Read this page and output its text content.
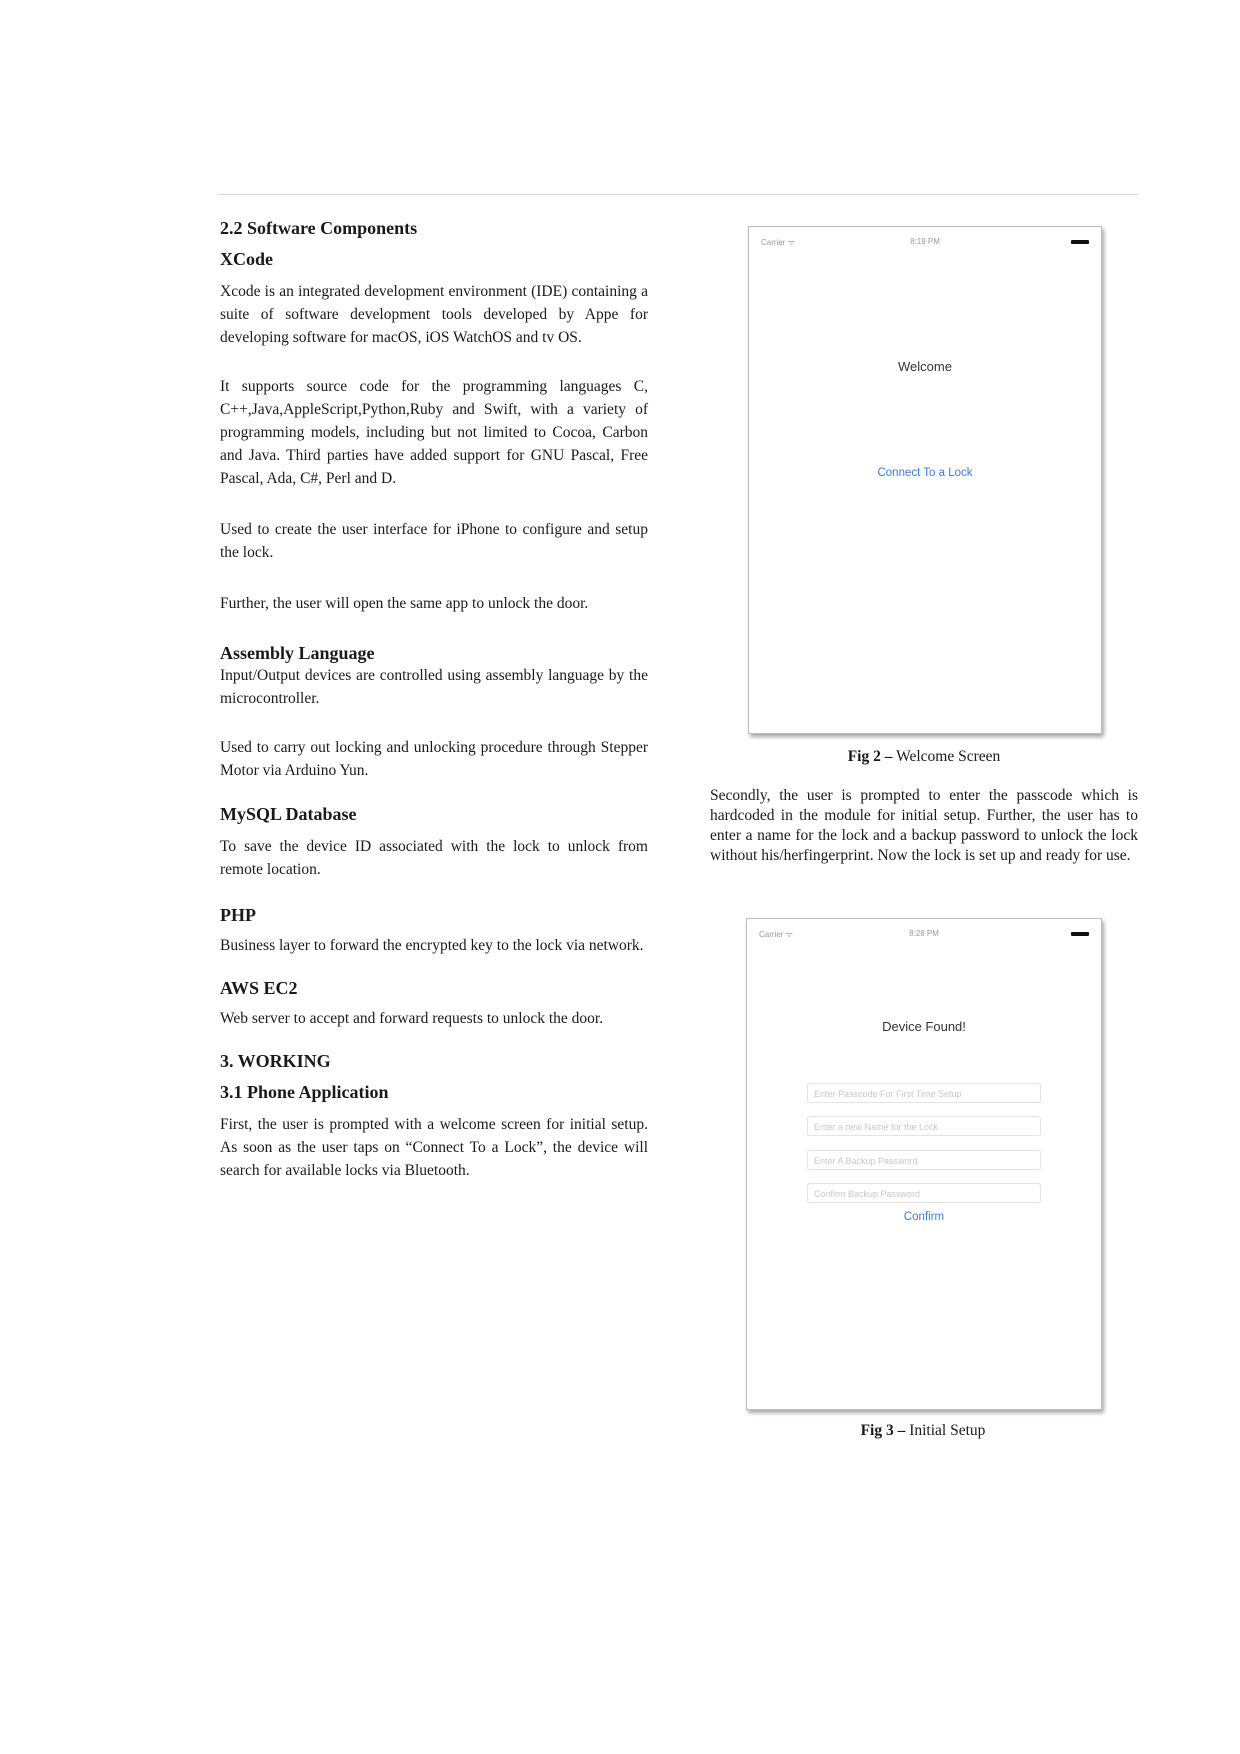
2.2 Software Components
XCode

Xcode is an integrated development environment (IDE) containing a suite of software development tools developed by Appe for developing software for macOS, iOS WatchOS and tv OS.

It supports source code for the programming languages C, C++,Java,AppleScript,Python,Ruby and Swift, with a variety of programming models, including but not limited to Cocoa, Carbon and Java. Third parties have added support for GNU Pascal, Free Pascal, Ada, C#, Perl and D.

Used to create the user interface for iPhone to configure and setup the lock.

Further, the user will open the same app to unlock the door.

Assembly Language

Input/Output devices are controlled using assembly language by the microcontroller.

Used to carry out locking and unlocking procedure through Stepper Motor via Arduino Yun.

MySQL Database

To save the device ID associated with the lock to unlock from remote location.

PHP

Business layer to forward the encrypted key to the lock via network.

AWS EC2

Web server to accept and forward requests to unlock the door.

3. WORKING
3.1 Phone Application

First, the user is prompted with a welcome screen for initial setup. As soon as the user taps on “Connect To a Lock”, the device will search for available locks via Bluetooth.

Carrier ᯤ	8:19 PM
Welcome
Connect To a Lock
Fig 2 – Welcome Screen

Secondly, the user is prompted to enter the passcode which is hardcoded in the module for initial setup. Further, the user has to enter a name for the lock and a backup password to unlock the lock without his/herfingerprint. Now the lock is set up and ready for use.

Carrier ᯤ	8:28 PM
Device Found!
Enter Passcode For First Time Setup
Enter a new Name for the Lock
Enter A Backup Password
Confirm Backup Password
Confirm
Fig 3 – Initial Setup
